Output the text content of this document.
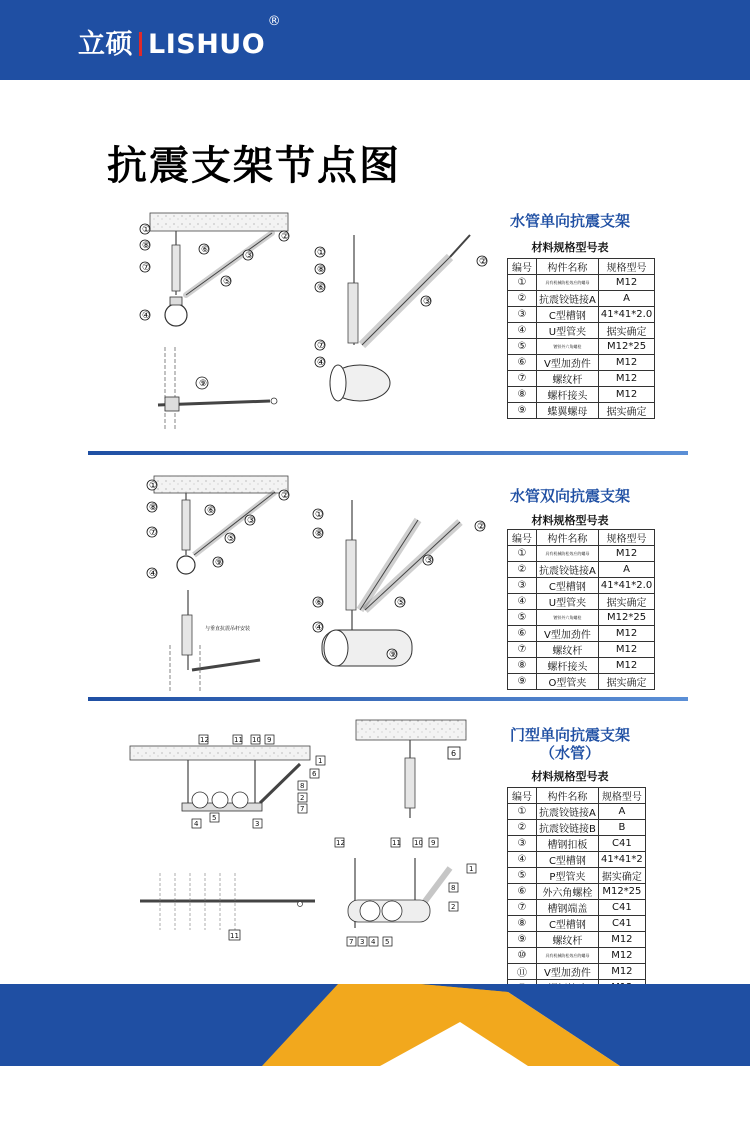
立硕 LISHUO
®
抗震支架节点图
①
⑧
⑦
④
⑥
③
②
⑤
⑨
①
⑧
⑥
⑦
④
③
②
水管单向抗震支架
材料规格型号表
编号	构件名称	规格型号
①	具有机械防松效应的螺母	M12
②	抗震铰链接A	A
③	C型槽钢	41*41*2.0
④	U型管夹	据实确定
⑤	镀锌外六角螺栓	M12*25
⑥	V型加劲件	M12
⑦	螺纹杆	M12
⑧	螺杆接头	M12
⑨	蝶翼螺母	据实确定
①
⑧
⑦
④
⑥
③
②
⑤
⑨
与垂直抗震吊杆安装
①
⑧
⑥
④
③
⑤
②
⑨
水管双向抗震支架
材料规格型号表
编号	构件名称	规格型号
①	具有机械防松效应的螺母	M12
②	抗震铰链接A	A
③	C型槽钢	41*41*2.0
④	U型管夹	据实确定
⑤	镀锌外六角螺栓	M12*25
⑥	V型加劲件	M12
⑦	螺纹杆	M12
⑧	螺杆接头	M12
⑨	O型管夹	据实确定
12	11 10 9
1
6
8
2
7
4
5
3
11
6
12	11 10 9
1
8
2
7 3 4 5
门型单向抗震支架
（水管）
材料规格型号表
编号	构件名称	规格型号
①	抗震铰链接A	A
②	抗震铰链接B	B
③	槽钢扣板	C41
④	C型槽钢	41*41*2
⑤	P型管夹	据实确定
⑥	外六角螺栓	M12*25
⑦	槽钢端盖	C41
⑧	C型槽钢	C41
⑨	螺纹杆	M12
⑩	具有机械防松效应的螺母	M12
⑪	V型加劲件	M12
